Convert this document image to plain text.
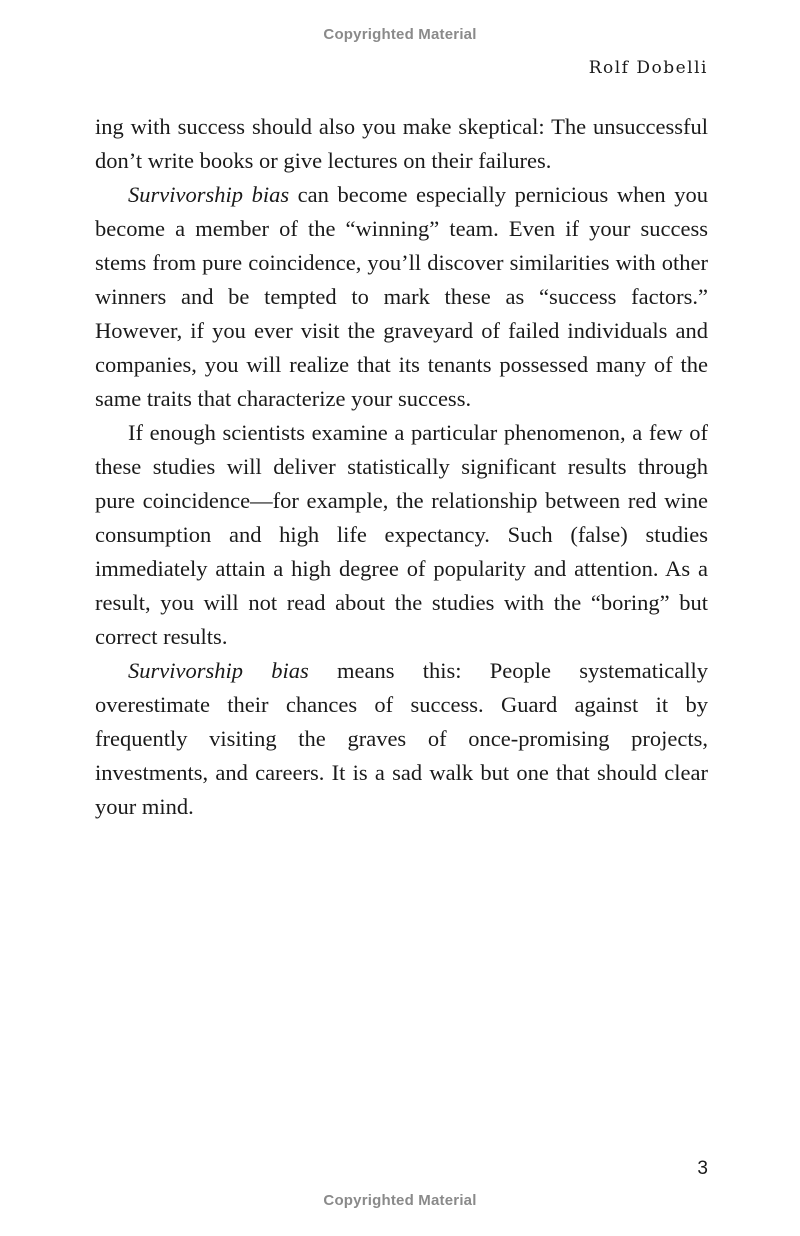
Copyrighted Material
Rolf Dobelli

ing with success should also you make skeptical: The unsuccessful don’t write books or give lectures on their failures.

Survivorship bias can become especially pernicious when you become a member of the “winning” team. Even if your success stems from pure coincidence, you’ll discover similarities with other winners and be tempted to mark these as “success factors.” However, if you ever visit the graveyard of failed individuals and companies, you will realize that its tenants possessed many of the same traits that characterize your success.

If enough scientists examine a particular phenomenon, a few of these studies will deliver statistically significant results through pure coincidence—for example, the relationship between red wine consumption and high life expectancy. Such (false) studies immediately attain a high degree of popularity and attention. As a result, you will not read about the studies with the “boring” but correct results.

Survivorship bias means this: People systematically overestimate their chances of success. Guard against it by frequently visiting the graves of once-promising projects, investments, and careers. It is a sad walk but one that should clear your mind.

3
Copyrighted Material
